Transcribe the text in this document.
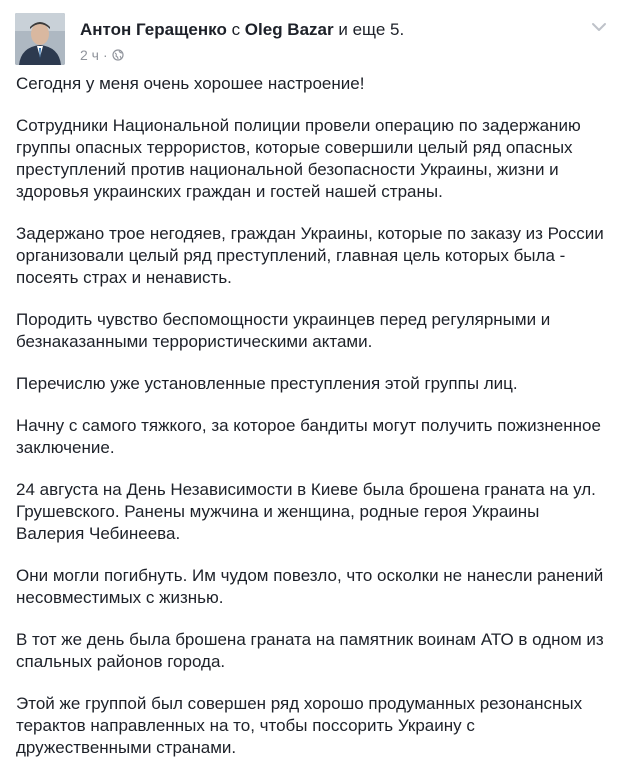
Антон Геращенко с Oleg Bazar и еще 5.
2 ч ·

Сегодня у меня очень хорошее настроение!

Сотрудники Национальной полиции провели операцию по задержанию группы опасных террористов, которые совершили целый ряд опасных преступлений против национальной безопасности Украины, жизни и здоровья украинских граждан и гостей нашей страны.

Задержано трое негодяев, граждан Украины, которые по заказу из России организовали целый ряд преступлений, главная цель которых была - посеять страх и ненависть.

Породить чувство беспомощности украинцев перед регулярными и безнаказанными террористическими актами.

Перечислю уже установленные преступления этой группы лиц.

Начну с самого тяжкого, за которое бандиты могут получить пожизненное заключение.

24 августа на День Независимости в Киеве была брошена граната на ул. Грушевского. Ранены мужчина и женщина, родные героя Украины Валерия Чебинеева.

Они могли погибнуть. Им чудом повезло, что осколки не нанесли ранений несовместимых с жизнью.

В тот же день была брошена граната на памятник воинам АТО в одном из спальных районов города.

Этой же группой был совершен ряд хорошо продуманных резонансных терактов направленных на то, чтобы поссорить Украину с дружественными странами.
